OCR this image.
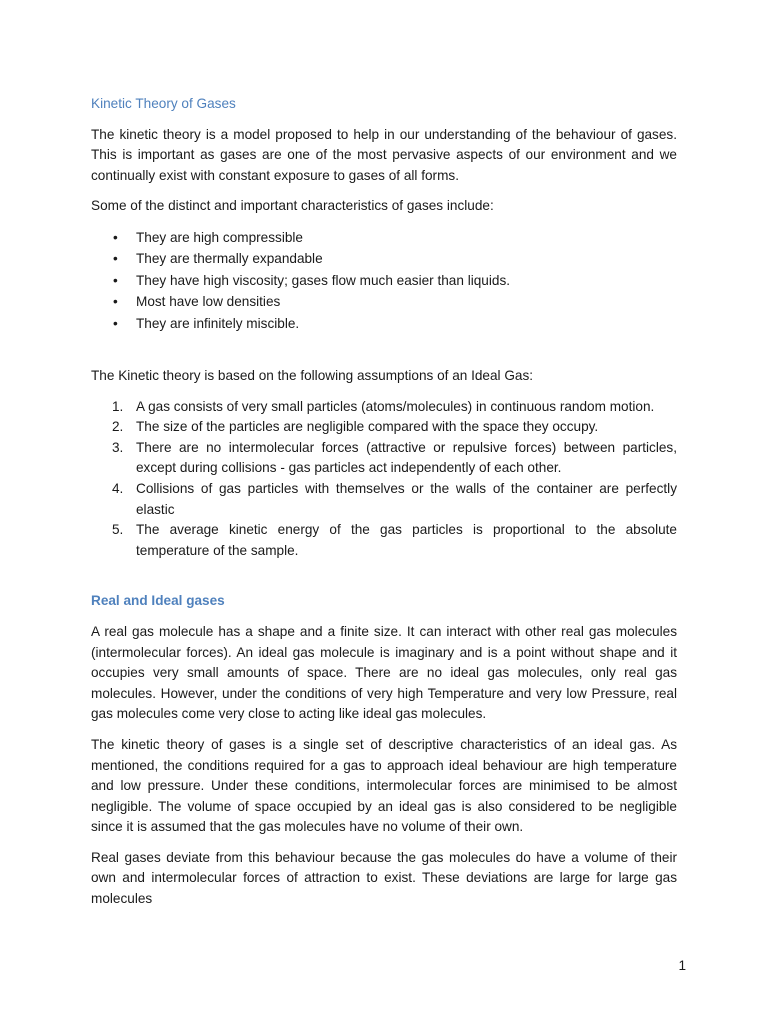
Kinetic Theory of Gases

The kinetic theory is a model proposed to help in our understanding of the behaviour of gases. This is important as gases are one of the most pervasive aspects of our environment and we continually exist with constant exposure to gases of all forms.

Some of the distinct and important characteristics of gases include:

• They are high compressible
• They are thermally expandable
• They have high viscosity; gases flow much easier than liquids.
• Most have low densities
• They are infinitely miscible.

The Kinetic theory is based on the following assumptions of an Ideal Gas:

1. A gas consists of very small particles (atoms/molecules) in continuous random motion.
2. The size of the particles are negligible compared with the space they occupy.
3. There are no intermolecular forces (attractive or repulsive forces) between particles, except during collisions - gas particles act independently of each other.
4. Collisions of gas particles with themselves or the walls of the container are perfectly elastic
5. The average kinetic energy of the gas particles is proportional to the absolute temperature of the sample.
Real and Ideal gases

A real gas molecule has a shape and a finite size. It can interact with other real gas molecules (intermolecular forces). An ideal gas molecule is imaginary and is a point without shape and it occupies very small amounts of space. There are no ideal gas molecules, only real gas molecules. However, under the conditions of very high Temperature and very low Pressure, real gas molecules come very close to acting like ideal gas molecules.

The kinetic theory of gases is a single set of descriptive characteristics of an ideal gas. As mentioned, the conditions required for a gas to approach ideal behaviour are high temperature and low pressure. Under these conditions, intermolecular forces are minimised to be almost negligible. The volume of space occupied by an ideal gas is also considered to be negligible since it is assumed that the gas molecules have no volume of their own.

Real gases deviate from this behaviour because the gas molecules do have a volume of their own and intermolecular forces of attraction to exist. These deviations are large for large gas molecules

1
